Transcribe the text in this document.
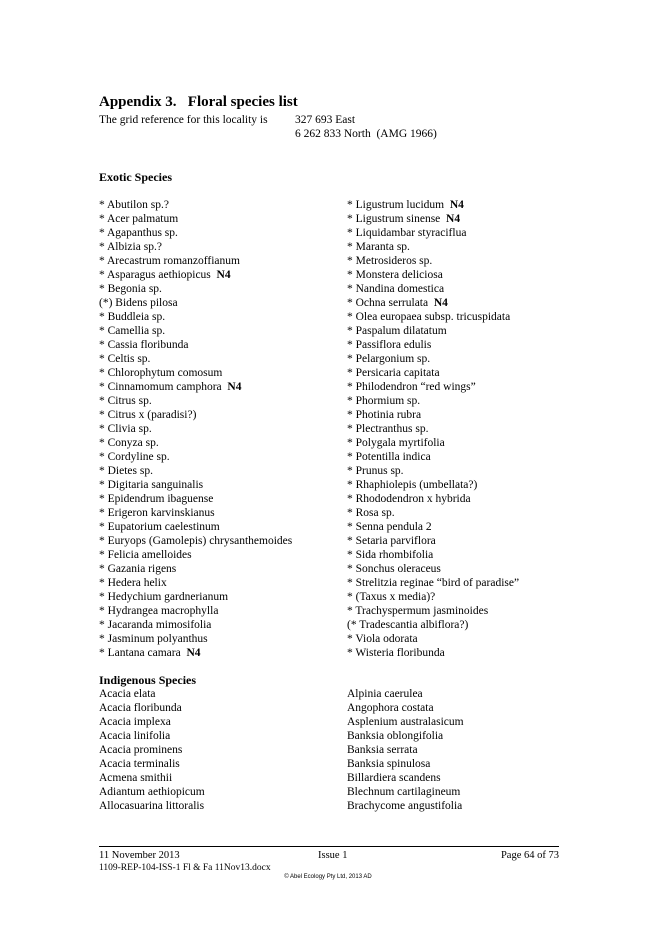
Appendix 3. Floral species list
The grid reference for this locality is 327 693 East
6 262 833 North  (AMG 1966)
Exotic Species
* Abutilon sp.?
* Acer palmatum
* Agapanthus sp.
* Albizia sp.?
* Arecastrum romanzoffianum
* Asparagus aethiopicus N4
* Begonia sp.
(*) Bidens pilosa
* Buddleia sp.
* Camellia sp.
* Cassia floribunda
* Celtis sp.
* Chlorophytum comosum
* Cinnamomum camphora N4
* Citrus sp.
* Citrus x (paradisi?)
* Clivia sp.
* Conyza sp.
* Cordyline sp.
* Dietes sp.
* Digitaria sanguinalis
* Epidendrum ibaguense
* Erigeron karvinskianus
* Eupatorium caelestinum
* Euryops (Gamolepis) chrysanthemoides
* Felicia amelloides
* Gazania rigens
* Hedera helix
* Hedychium gardnerianum
* Hydrangea macrophylla
* Jacaranda mimosifolia
* Jasminum polyanthus
* Lantana camara N4
* Ligustrum lucidum N4
* Ligustrum sinense N4
* Liquidambar styraciflua
* Maranta sp.
* Metrosideros sp.
* Monstera deliciosa
* Nandina domestica
* Ochna serrulata N4
* Olea europaea subsp. tricuspidata
* Paspalum dilatatum
* Passiflora edulis
* Pelargonium sp.
* Persicaria capitata
* Philodendron “red wings”
* Phormium sp.
* Photinia rubra
* Plectranthus sp.
* Polygala myrtifolia
* Potentilla indica
* Prunus sp.
* Rhaphiolepis (umbellata?)
* Rhododendron x hybrida
* Rosa sp.
* Senna pendula 2
* Setaria parviflora
* Sida rhombifolia
* Sonchus oleraceus
* Strelitzia reginae “bird of paradise”
* (Taxus x media)?
* Trachyspermum jasminoides
(* Tradescantia albiflora?)
* Viola odorata
* Wisteria floribunda
Indigenous Species
Acacia elata
Acacia floribunda
Acacia implexa
Acacia linifolia
Acacia prominens
Acacia terminalis
Acmena smithii
Adiantum aethiopicum
Allocasuarina littoralis
Alpinia caerulea
Angophora costata
Asplenium australasicum
Banksia oblongifolia
Banksia serrata
Banksia spinulosa
Billardiera scandens
Blechnum cartilagineum
Brachycome angustifolia
11 November 2013	Issue 1	Page 64 of 73
1109-REP-104-ISS-1 Fl & Fa 11Nov13.docx
© Abel Ecology Pty Ltd, 2013 AD
